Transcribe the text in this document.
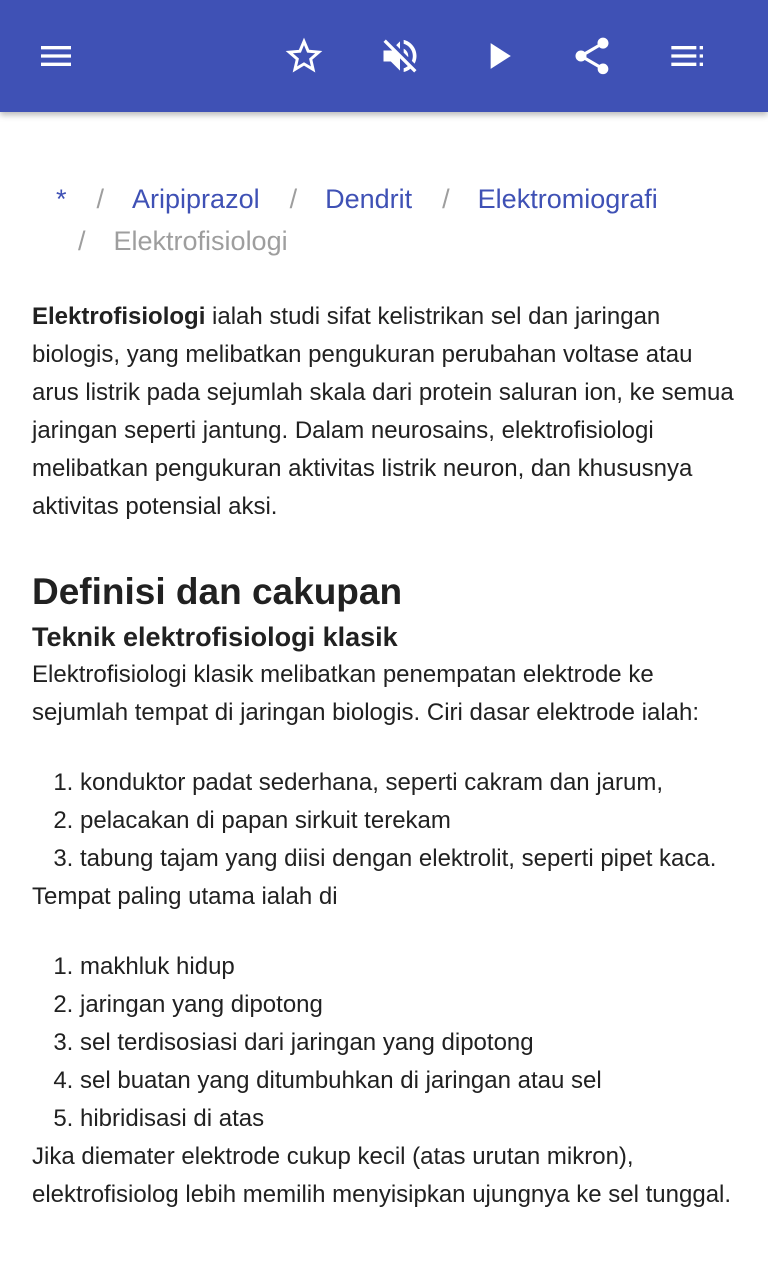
* / Aripiprazol / Dendrit / Elektromiografi
/ Elektrofisiologi

Elektrofisiologi ialah studi sifat kelistrikan sel dan jaringan biologis, yang melibatkan pengukuran perubahan voltase atau arus listrik pada sejumlah skala dari protein saluran ion, ke semua jaringan seperti jantung. Dalam neurosains, elektrofisiologi melibatkan pengukuran aktivitas listrik neuron, dan khususnya aktivitas potensial aksi.

Definisi dan cakupan
Teknik elektrofisiologi klasik

Elektrofisiologi klasik melibatkan penempatan elektrode ke sejumlah tempat di jaringan biologis. Ciri dasar elektrode ialah:

1. konduktor padat sederhana, seperti cakram dan jarum,
2. pelacakan di papan sirkuit terekam
3. tabung tajam yang diisi dengan elektrolit, seperti pipet kaca.

Tempat paling utama ialah di

1. makhluk hidup
2. jaringan yang dipotong
3. sel terdisosiasi dari jaringan yang dipotong
4. sel buatan yang ditumbuhkan di jaringan atau sel
5. hibridisasi di atas

Jika diemater elektrode cukup kecil (atas urutan mikron), elektrofisiolog lebih memilih menyisipkan ujungnya ke sel tunggal.
